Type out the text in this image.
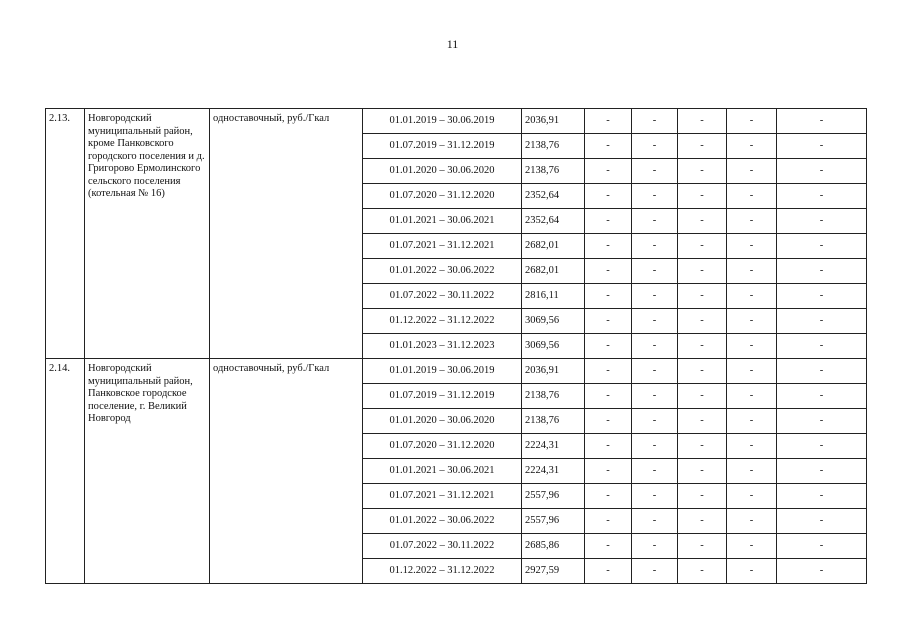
11
2.13.	Новгородский муниципальный район, кроме Панковского городского поселения и д. Григорово Ермолинского сельского поселения (котельная № 16)	одноставочный, руб./Гкал	01.01.2019 – 30.06.2019	2036,91	-	-	-	-	-
			01.07.2019 – 31.12.2019	2138,76	-	-	-	-	-
			01.01.2020 – 30.06.2020	2138,76	-	-	-	-	-
			01.07.2020 – 31.12.2020	2352,64	-	-	-	-	-
			01.01.2021 – 30.06.2021	2352,64	-	-	-	-	-
			01.07.2021 – 31.12.2021	2682,01	-	-	-	-	-
			01.01.2022 – 30.06.2022	2682,01	-	-	-	-	-
			01.07.2022 – 30.11.2022	2816,11	-	-	-	-	-
			01.12.2022 – 31.12.2022	3069,56	-	-	-	-	-
			01.01.2023 – 31.12.2023	3069,56	-	-	-	-	-
2.14.	Новгородский муниципальный район, Панковское городское поселение, г. Великий Новгород	одноставочный, руб./Гкал	01.01.2019 – 30.06.2019	2036,91	-	-	-	-	-
			01.07.2019 – 31.12.2019	2138,76	-	-	-	-	-
			01.01.2020 – 30.06.2020	2138,76	-	-	-	-	-
			01.07.2020 – 31.12.2020	2224,31	-	-	-	-	-
			01.01.2021 – 30.06.2021	2224,31	-	-	-	-	-
			01.07.2021 – 31.12.2021	2557,96	-	-	-	-	-
			01.01.2022 – 30.06.2022	2557,96	-	-	-	-	-
			01.07.2022 – 30.11.2022	2685,86	-	-	-	-	-
			01.12.2022 – 31.12.2022	2927,59	-	-	-	-	-
